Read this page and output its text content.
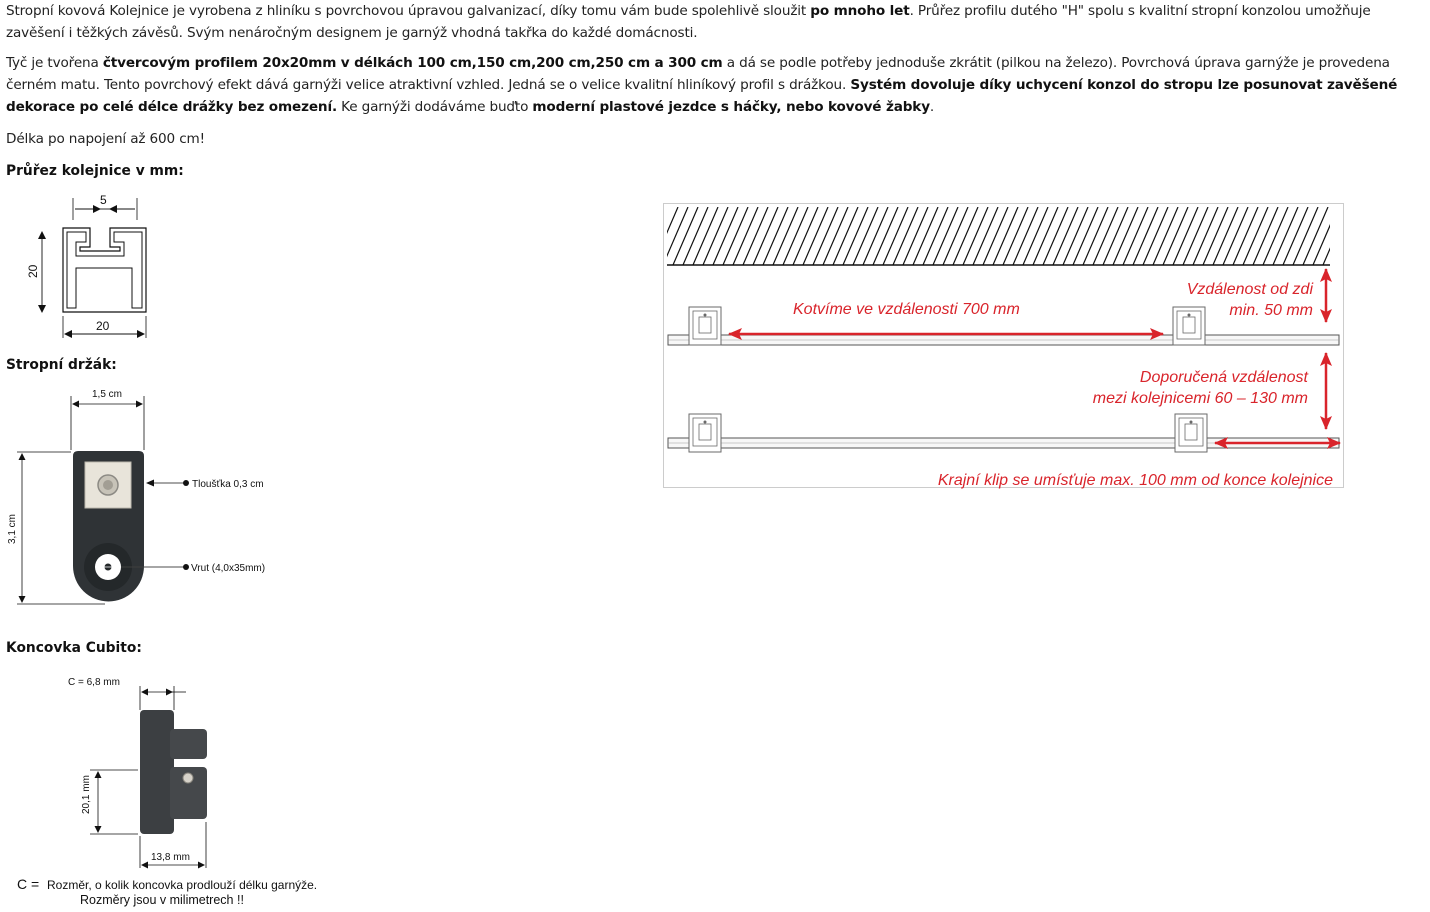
Stropní kovová Kolejnice je vyrobena z hliníku s povrchovou úpravou galvanizací, díky tomu vám bude spolehlivě sloužit po mnoho let. Průřez profilu dutého "H" spolu s kvalitní stropní konzolou umožňuje zavěšení i těžkých závěsů. Svým nenáročným designem je garnýž vhodná takřka do každé domácnosti.

Tyč je tvořena čtvercovým profilem 20x20mm v délkách 100 cm,150 cm,200 cm,250 cm a 300 cm a dá se podle potřeby jednoduše zkrátit (pilkou na železo). Povrchová úprava garnýže je provedena černém matu. Tento povrchový efekt dává garnýži velice atraktivní vzhled. Jedná se o velice kvalitní hliníkový profil s drážkou. Systém dovoluje díky uchycení konzol do stropu lze posunovat zavěšené dekorace po celé délce drážky bez omezení. Ke garnýži dodáváme buďto moderní plastové jezdce s háčky, nebo kovové žabky.

Délka po napojení až 600 cm!

Průřez kolejnice v mm:
5
20
20
Stropní držák:
1,5 cm
3,1 cm
Tloušťka 0,3 cm
Vrut (4,0x35mm)
Koncovka Cubito:
C = 6,8 mm
20,1 mm
13,8 mm
C = Rozměr, o kolik koncovka prodlouží délku garnýže.
Rozměry jsou v milimetrech !!
Kotvíme ve vzdálenosti 700 mm
Vzdálenost od zdi
min. 50 mm
Doporučená vzdálenost
mezi kolejnicemi 60 – 130 mm
Krajní klip se umísťuje max. 100 mm od konce kolejnice
